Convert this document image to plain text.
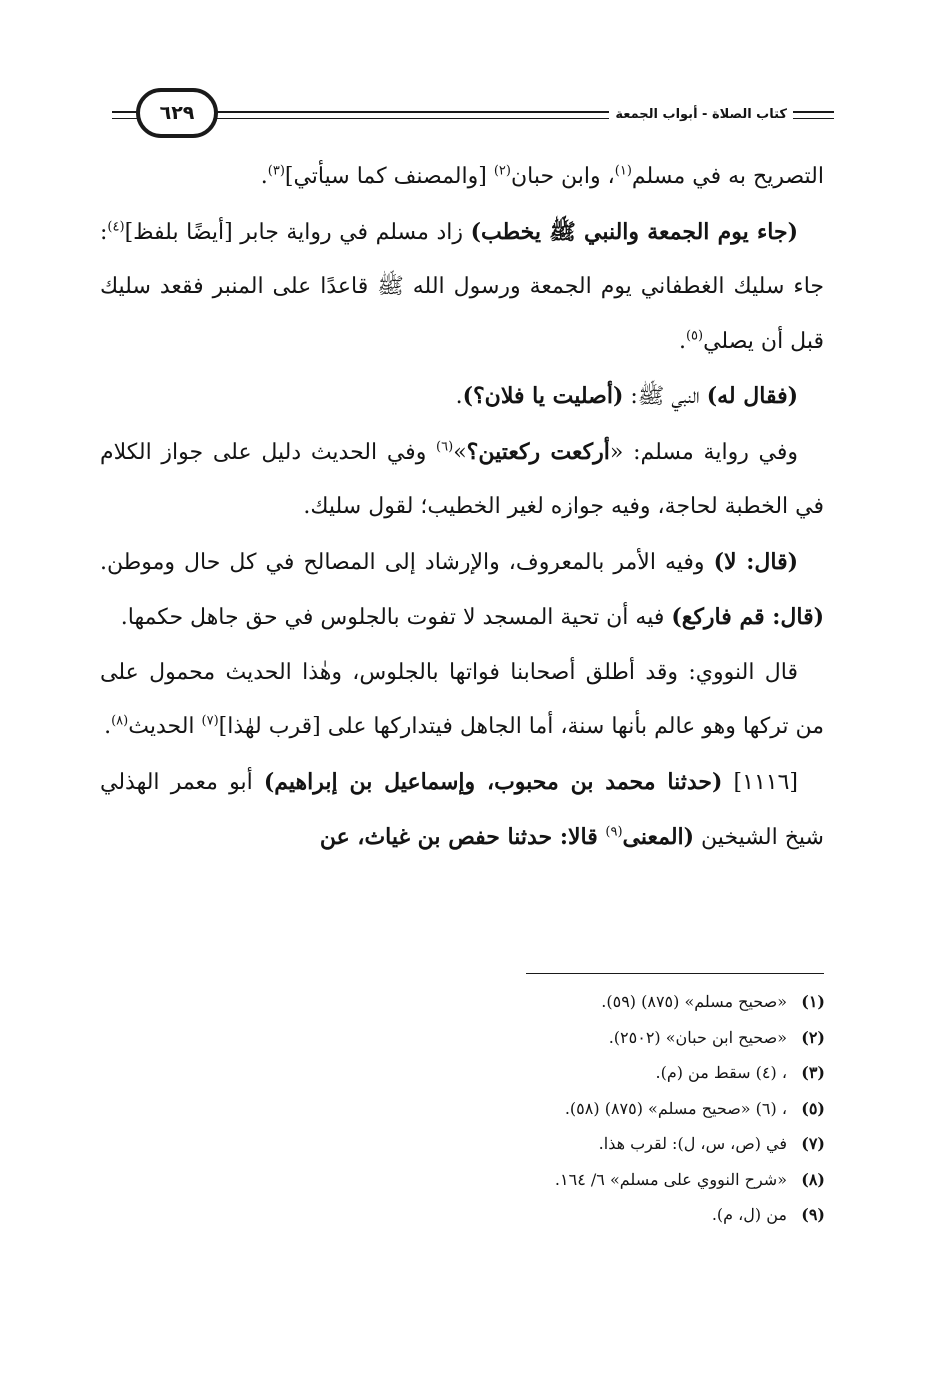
٦٢٩	كتاب الصلاة - أبواب الجمعة

التصريح به في مسلم$^{(١)}$، وابن حبان$^{(٢)}$ [والمصنف كما سيأتي]$^{(٣)}$.

(جاء يوم الجمعة والنبي ﷺ يخطب) زاد مسلم في رواية جابر [أيضًا بلفظ]$^{(٤)}$: جاء سليك الغطفاني يوم الجمعة ورسول الله ﷺ قاعدًا على المنبر فقعد سليك قبل أن يصلي$^{(٥)}$.

(فقال له) النبي ﷺ: (أصليت يا فلان؟).

وفي رواية مسلم: «أركعت ركعتين؟»$^{(٦)}$ وفي الحديث دليل على جواز الكلام في الخطبة لحاجة، وفيه جوازه لغير الخطيب؛ لقول سليك.

(قال: لا) وفيه الأمر بالمعروف، والإرشاد إلى المصالح في كل حال وموطن. (قال: قم فاركع) فيه أن تحية المسجد لا تفوت بالجلوس في حق جاهل حكمها.

قال النووي: وقد أطلق أصحابنا فواتها بالجلوس، وهٰذا الحديث محمول على من تركها وهو عالم بأنها سنة، أما الجاهل فيتداركها على [قرب لهٰذا]$^{(٧)}$ الحديث$^{(٨)}$.

[١١١٦] (حدثنا محمد بن محبوب، وإسماعيل بن إبراهيم) أبو معمر الهذلي شيخ الشيخين (المعنى$^{(٩)}$ قالا: حدثنا حفص بن غياث، عن

(١)«صحيح مسلم» (٨٧٥) (٥٩).
(٢)«صحيح ابن حبان» (٢٥٠٢).
(٣)، (٤) سقط من (م).
(٥)، (٦) «صحيح مسلم» (٨٧٥) (٥٨).
(٧)في (ص، س، ل): لقرب هذا.
(٨)«شرح النووي على مسلم» ٦/ ١٦٤.
(٩)من (ل، م).
